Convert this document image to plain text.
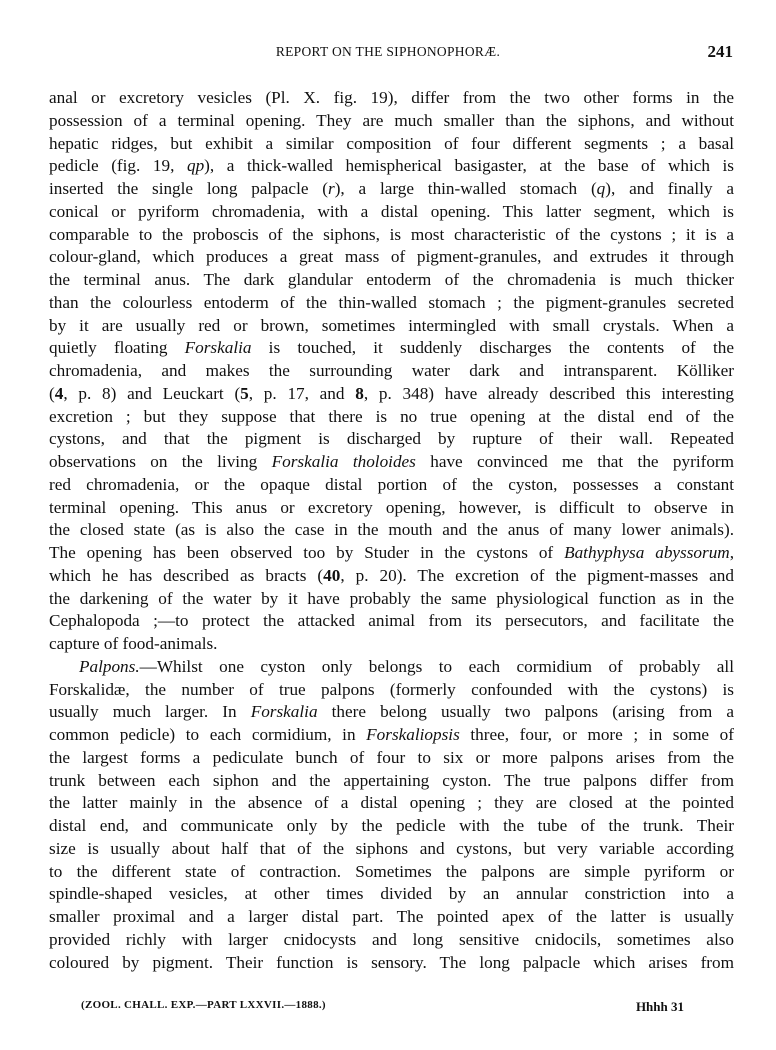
REPORT ON THE SIPHONOPHORÆ.	241
anal or excretory vesicles (Pl. X. fig. 19), differ from the two other forms in the
possession of a terminal opening. They are much smaller than the siphons, and without
hepatic ridges, but exhibit a similar composition of four different segments ; a basal
pedicle (fig. 19, qp), a thick-walled hemispherical basigaster, at the base of which is
inserted the single long palpacle (r), a large thin-walled stomach (q), and finally a
conical or pyriform chromadenia, with a distal opening. This latter segment, which is
comparable to the proboscis of the siphons, is most characteristic of the cystons ; it is a
colour-gland, which produces a great mass of pigment-granules, and extrudes it through
the terminal anus. The dark glandular entoderm of the chromadenia is much thicker
than the colourless entoderm of the thin-walled stomach ; the pigment-granules secreted
by it are usually red or brown, sometimes intermingled with small crystals. When a
quietly floating Forskalia is touched, it suddenly discharges the contents of the
chromadenia, and makes the surrounding water dark and intransparent. Kölliker
(4, p. 8) and Leuckart (5, p. 17, and 8, p. 348) have already described this interesting
excretion ; but they suppose that there is no true opening at the distal end of the
cystons, and that the pigment is discharged by rupture of their wall. Repeated
observations on the living Forskalia tholoides have convinced me that the pyriform
red chromadenia, or the opaque distal portion of the cyston, possesses a constant
terminal opening. This anus or excretory opening, however, is difficult to observe in
the closed state (as is also the case in the mouth and the anus of many lower animals).
The opening has been observed too by Studer in the cystons of Bathyphysa abyssorum,
which he has described as bracts (40, p. 20). The excretion of the pigment-masses and
the darkening of the water by it have probably the same physiological function as in the
Cephalopoda ;—to protect the attacked animal from its persecutors, and facilitate the
capture of food-animals.
Palpons.—Whilst one cyston only belongs to each cormidium of probably all
Forskalidæ, the number of true palpons (formerly confounded with the cystons) is
usually much larger. In Forskalia there belong usually two palpons (arising from a
common pedicle) to each cormidium, in Forskaliopsis three, four, or more ; in some of
the largest forms a pediculate bunch of four to six or more palpons arises from the
trunk between each siphon and the appertaining cyston. The true palpons differ from
the latter mainly in the absence of a distal opening ; they are closed at the pointed
distal end, and communicate only by the pedicle with the tube of the trunk. Their
size is usually about half that of the siphons and cystons, but very variable according
to the different state of contraction. Sometimes the palpons are simple pyriform or
spindle-shaped vesicles, at other times divided by an annular constriction into a
smaller proximal and a larger distal part. The pointed apex of the latter is usually
provided richly with larger cnidocysts and long sensitive cnidocils, sometimes also
coloured by pigment. Their function is sensory. The long palpacle which arises from
(ZOOL. CHALL. EXP.—PART LXXVII.—1888.)	Hhhh 31
